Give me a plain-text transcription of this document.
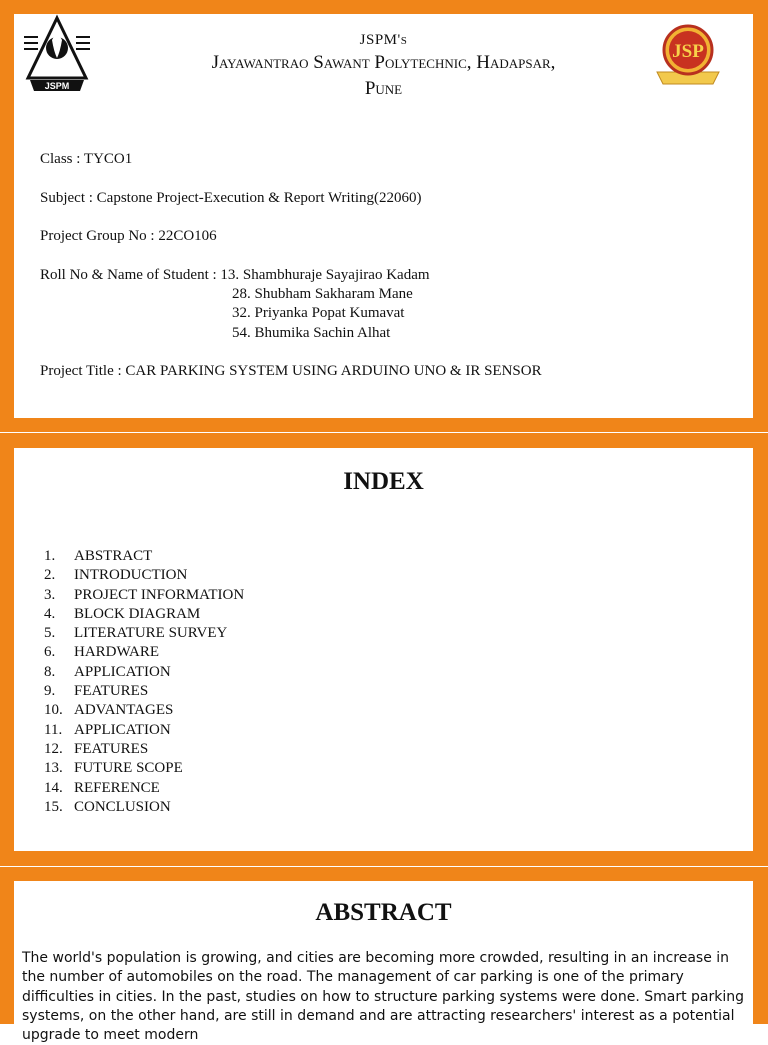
JSPM
JSPM's
Jayawantrao Sawant Polytechnic, Hadapsar,
Pune
JSP
Class : TYCO1
Subject : Capstone Project-Execution & Report Writing(22060)
Project Group No : 22CO106
Roll No & Name of Student : 13. Shambhuraje Sayajirao Kadam
28. Shubham Sakharam Mane
32. Priyanka Popat Kumavat
54. Bhumika Sachin Alhat
Project Title : CAR PARKING SYSTEM USING ARDUINO UNO & IR SENSOR
INDEX
1. ABSTRACT
2. INTRODUCTION
3. PROJECT INFORMATION
4. BLOCK DIAGRAM
5. LITERATURE SURVEY
6. HARDWARE
8. APPLICATION
9. FEATURES
10. ADVANTAGES
11. APPLICATION
12. FEATURES
13. FUTURE SCOPE
14. REFERENCE
15. CONCLUSION
ABSTRACT
The world's population is growing, and cities are becoming more crowded, resulting in an increase in the number of automobiles on the road. The management of car parking is one of the primary difficulties in cities. In the past, studies on how to structure parking systems were done. Smart parking systems, on the other hand, are still in demand and are attracting researchers' interest as a potential upgrade to meet modern
